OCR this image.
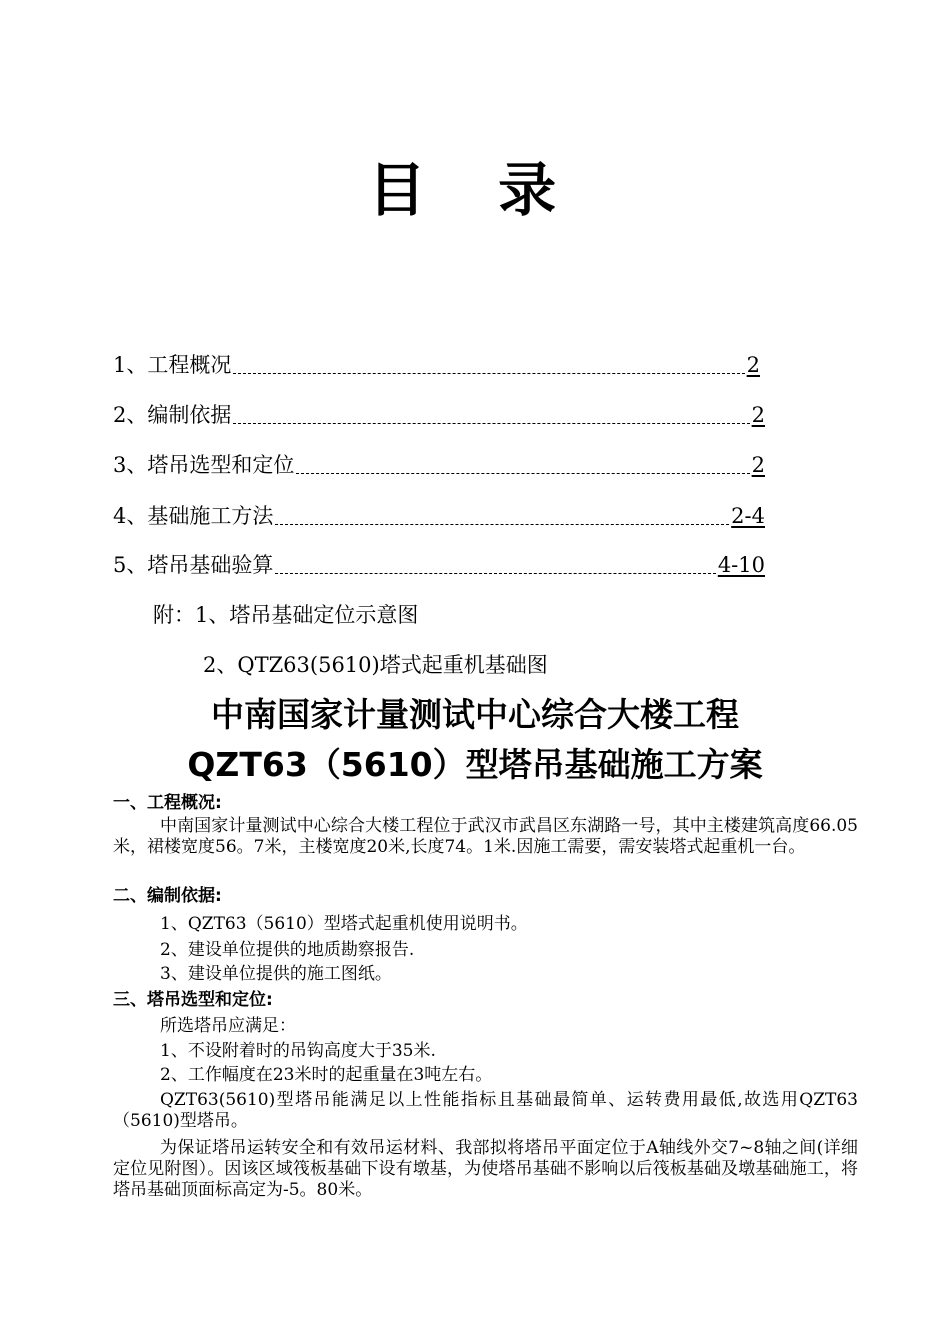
目 录
1、工程概况	2
2、编制依据	2
3、塔吊选型和定位	2
4、基础施工方法	2-4
5、塔吊基础验算	4-10
附：1、塔吊基础定位示意图
2、QTZ63(5610)塔式起重机基础图
中南国家计量测试中心综合大楼工程
QZT63（5610）型塔吊基础施工方案
一、工程概况:
中南国家计量测试中心综合大楼工程位于武汉市武昌区东湖路一号，其中主楼建筑高度66.05米，裙楼宽度56。7米，主楼宽度20米,长度74。1米.因施工需要，需安装塔式起重机一台。
二、编制依据:
1、QZT63（5610）型塔式起重机使用说明书。
2、建设单位提供的地质勘察报告.
3、建设单位提供的施工图纸。
三、塔吊选型和定位:
所选塔吊应满足：
1、不设附着时的吊钩高度大于35米.
2、工作幅度在23米时的起重量在3吨左右。
QZT63(5610)型塔吊能满足以上性能指标且基础最简单、运转费用最低,故选用QZT63（5610)型塔吊。
为保证塔吊运转安全和有效吊运材料、我部拟将塔吊平面定位于A轴线外交7~8轴之间(详细定位见附图）。因该区域筏板基础下设有墩基，为使塔吊基础不影响以后筏板基础及墩基础施工，将塔吊基础顶面标高定为-5。80米。
